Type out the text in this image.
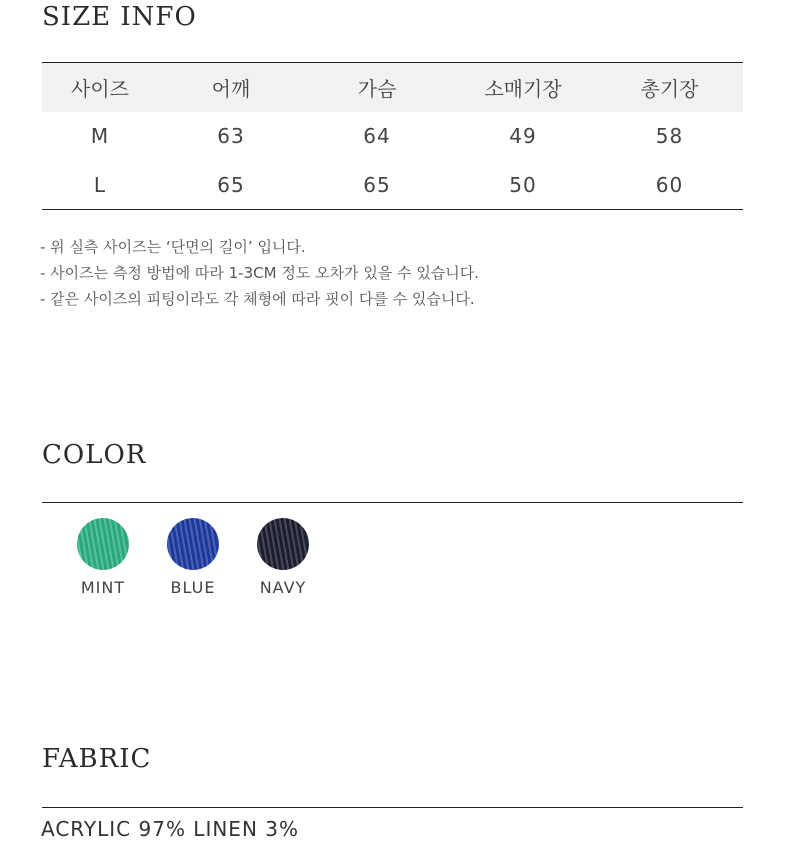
SIZE INFO
사이즈	어깨	가슴	소매기장	총기장
M	63	64	49	58
L	65	65	50	60

- 위 실측 사이즈는 ‘단면의 길이’ 입니다.

- 사이즈는 측정 방법에 따라 1-3CM 정도 오차가 있을 수 있습니다.

- 같은 사이즈의 피팅이라도 각 체형에 따라 핏이 다를 수 있습니다.

COLOR
MINT	BLUE	NAVY
FABRIC

ACRYLIC 97% LINEN 3%
